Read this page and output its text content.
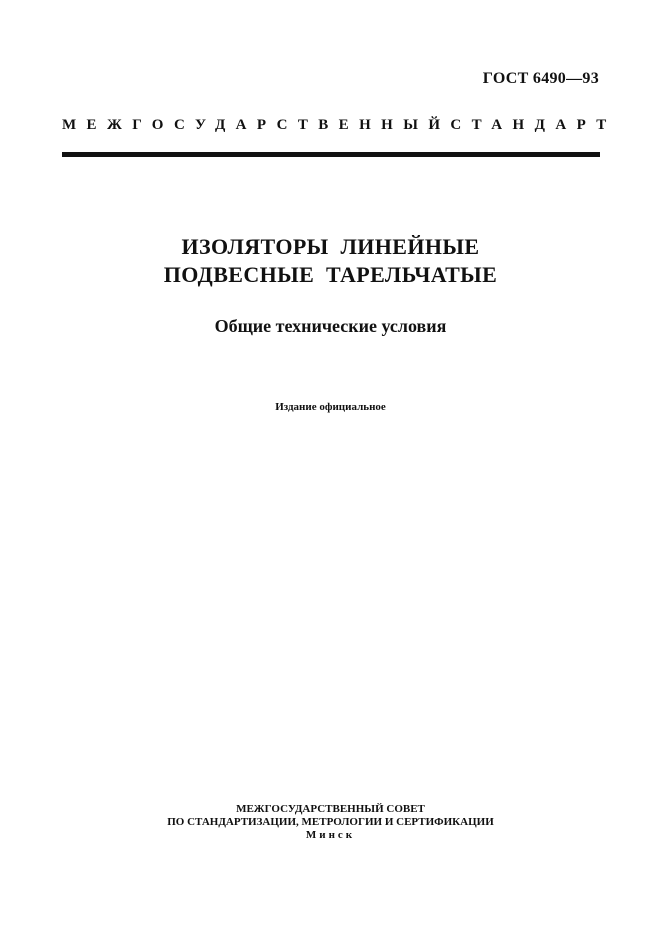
ГОСТ 6490—93
МЕЖГОСУДАРСТВЕННЫЙ СТАНДАРТ
ИЗОЛЯТОРЫ  ЛИНЕЙНЫЕ
ПОДВЕСНЫЕ  ТАРЕЛЬЧАТЫЕ
Общие технические условия
Издание официальное
МЕЖГОСУДАРСТВЕННЫЙ СОВЕТ
ПО СТАНДАРТИЗАЦИИ, МЕТРОЛОГИИ И СЕРТИФИКАЦИИ
Минск
